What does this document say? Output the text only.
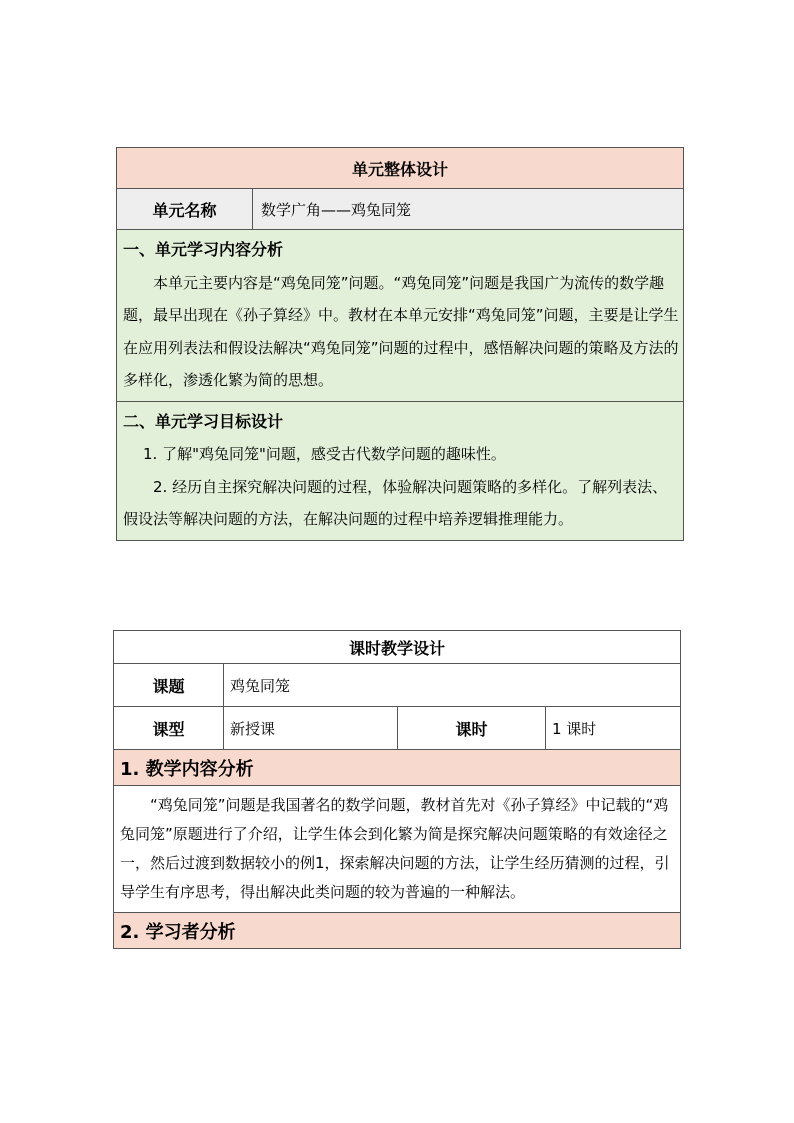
单元整体设计
单元名称	数学广角——鸡兔同笼

一、单元学习内容分析
本单元主要内容是“鸡兔同笼”问题。“鸡兔同笼”问题是我国广为流传的数学趣题，最早出现在《孙子算经》中。教材在本单元安排“鸡兔同笼”问题，主要是让学生在应用列表法和假设法解决“鸡兔同笼”问题的过程中，感悟解决问题的策略及方法的多样化，渗透化繁为简的思想。

二、单元学习目标设计
1. 了解"鸡兔同笼"问题，感受古代数学问题的趣味性。
2. 经历自主探究解决问题的过程，体验解决问题策略的多样化。了解列表法、假设法等解决问题的方法，在解决问题的过程中培养逻辑推理能力。
课时教学设计			
课题	鸡兔同笼		
课型	新授课	课时	1 课时
1. 教学内容分析			
“鸡兔同笼”问题是我国著名的数学问题，教材首先对《孙子算经》中记载的“鸡兔同笼”原题进行了介绍，让学生体会到化繁为简是探究解决问题策略的有效途径之一，然后过渡到数据较小的例1，探索解决问题的方法，让学生经历猜测的过程，引导学生有序思考，得出解决此类问题的较为普遍的一种解法。			
2. 学习者分析			
